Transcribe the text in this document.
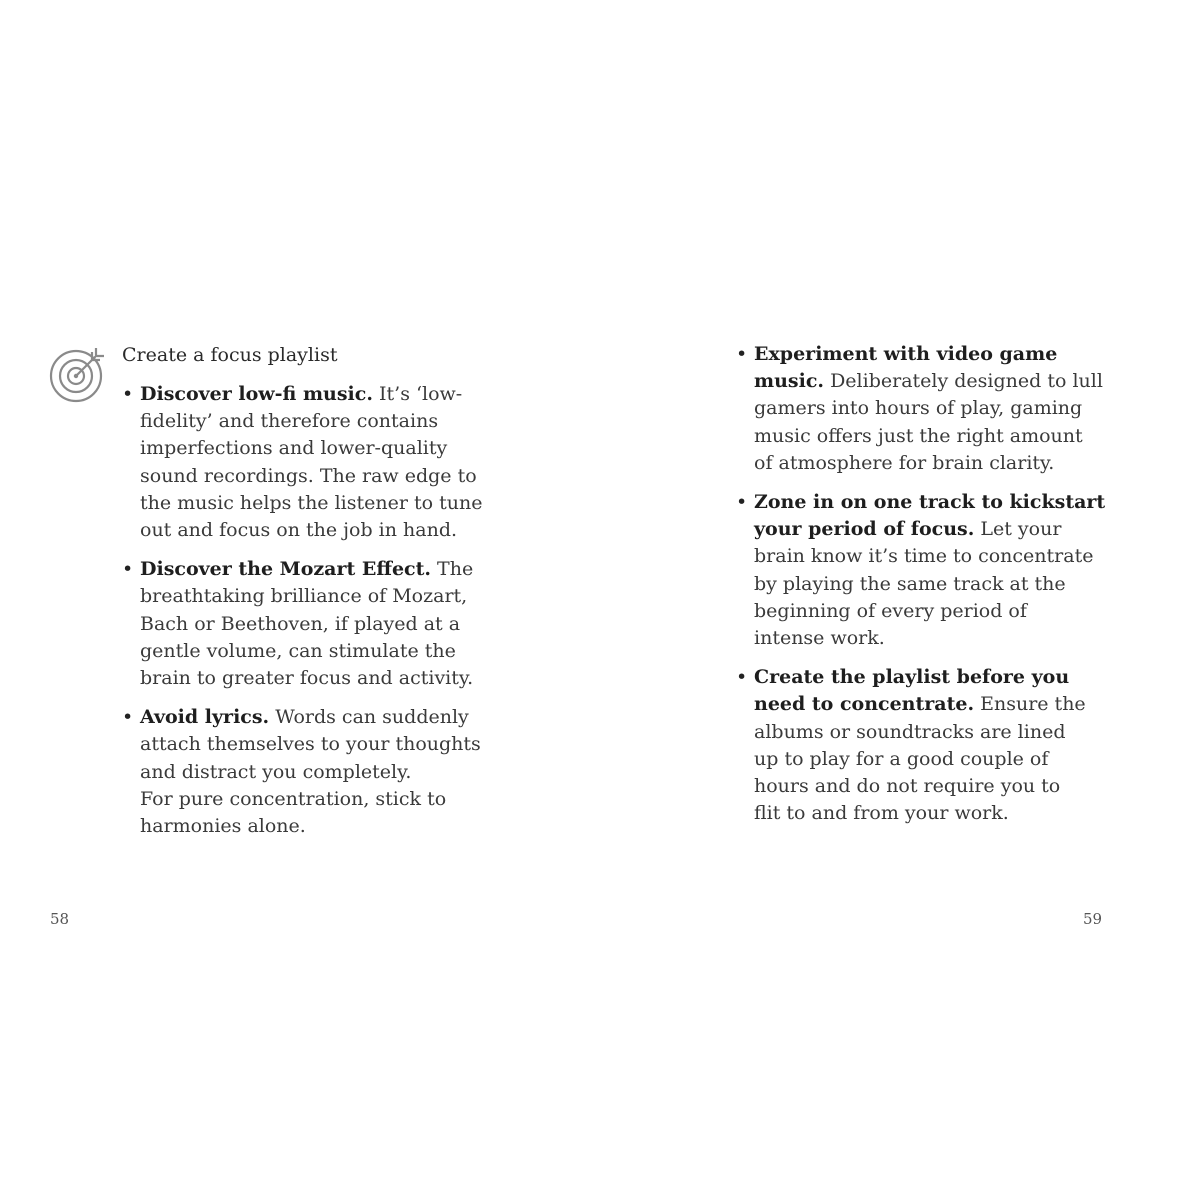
Create a focus playlist
• Discover low-fi music. It’s ‘low-
fidelity’ and therefore contains
imperfections and lower-quality
sound recordings. The raw edge to
the music helps the listener to tune
out and focus on the job in hand.
• Discover the Mozart Effect. The
breathtaking brilliance of Mozart,
Bach or Beethoven, if played at a
gentle volume, can stimulate the
brain to greater focus and activity.
• Avoid lyrics. Words can suddenly
attach themselves to your thoughts
and distract you completely.
For pure concentration, stick to
harmonies alone.

58

• Experiment with video game
music. Deliberately designed to lull
gamers into hours of play, gaming
music offers just the right amount
of atmosphere for brain clarity.
• Zone in on one track to kickstart
your period of focus. Let your
brain know it’s time to concentrate
by playing the same track at the
beginning of every period of
intense work.
• Create the playlist before you
need to concentrate. Ensure the
albums or soundtracks are lined
up to play for a good couple of
hours and do not require you to
flit to and from your work.

59
